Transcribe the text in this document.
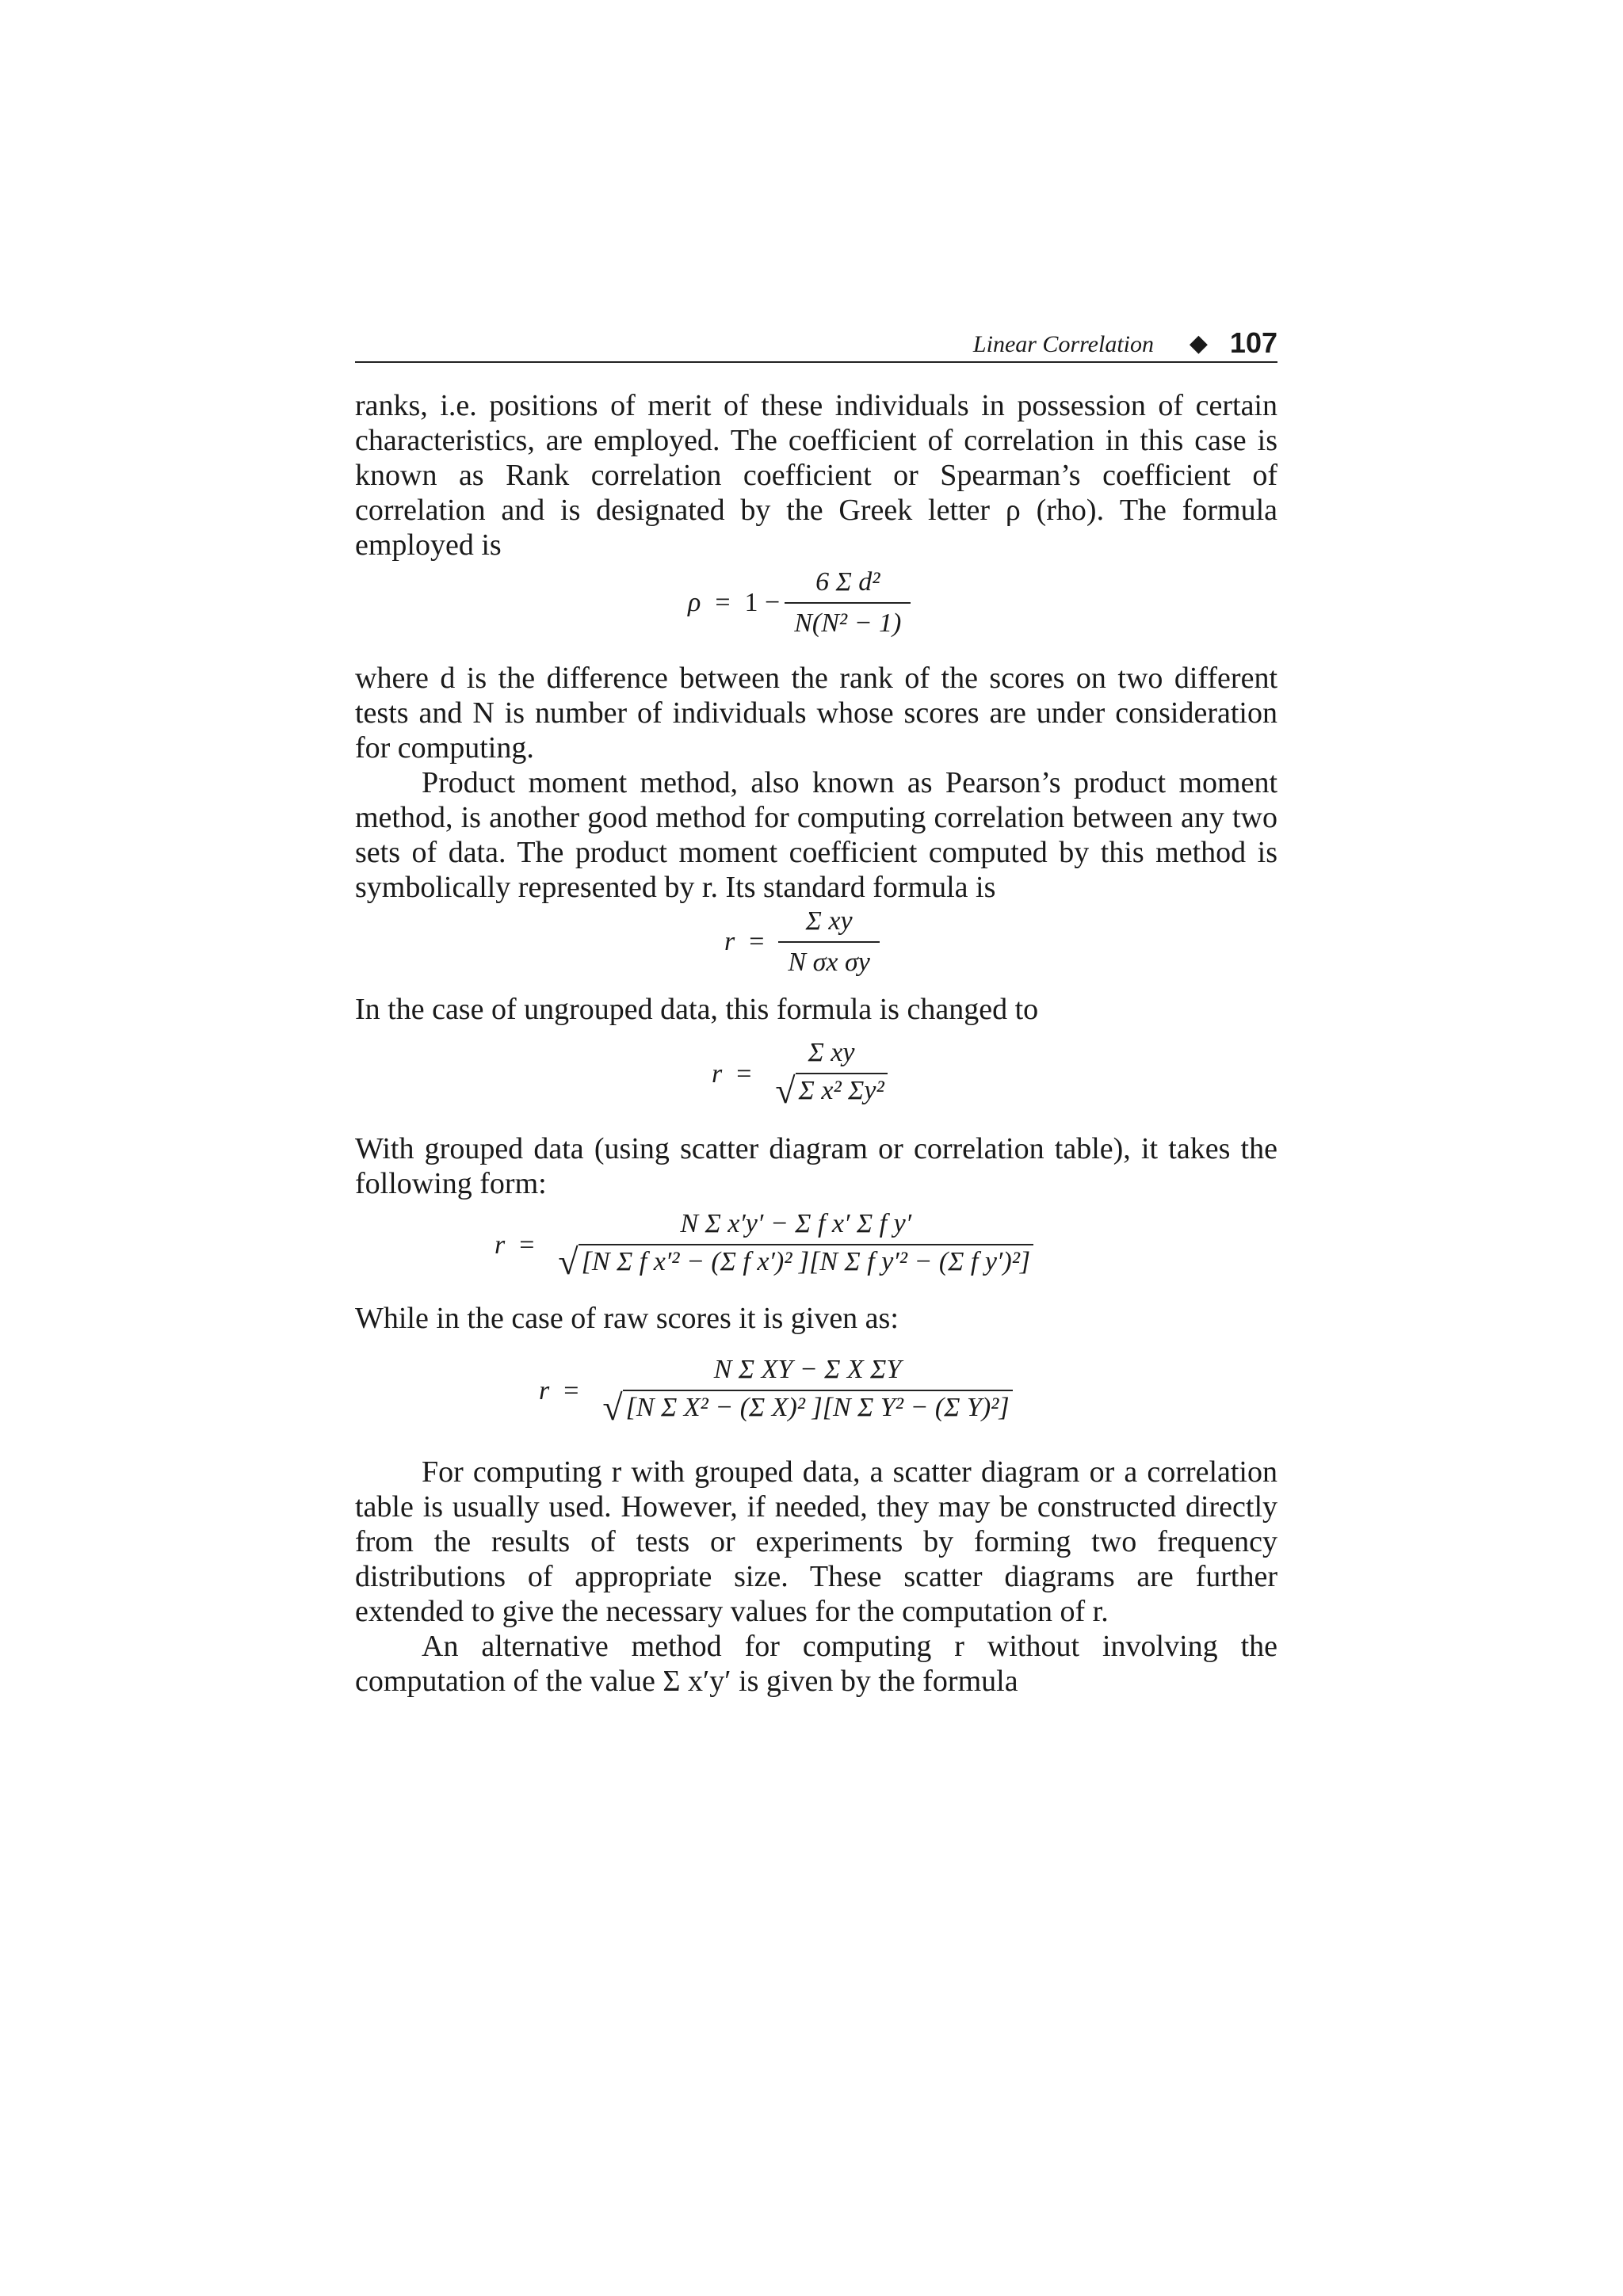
Linear Correlation ◆ 107

ranks, i.e. positions of merit of these individuals in possession of certain characteristics, are employed. The coefficient of correlation in this case is known as Rank correlation coefficient or Spearman’s coefficient of correlation and is designated by the Greek letter ρ (rho). The formula employed is

$\rho = 1 - \frac{\text{6 Σ d²}}{\text{N(N² − 1)}}$

where d is the difference between the rank of the scores on two different tests and N is number of individuals whose scores are under consideration for computing.

Product moment method, also known as Pearson’s product moment method, is another good method for computing correlation between any two sets of data. The product moment coefficient computed by this method is symbolically represented by r. Its standard formula is

$r = \frac{\text{Σ xy}}{\text{N σx σy}}$

In the case of ungrouped data, this formula is changed to

r =
Σ xy
√ Σ x² Σy²

With grouped data (using scatter diagram or correlation table), it takes the following form:

r =
N Σ x′y′ − Σ f x′ Σ f y′
√ [N Σ f x′² − (Σ f x′)² ][N Σ f y′² − (Σ f y′)²]

While in the case of raw scores it is given as:

r =
N Σ XY − Σ X ΣY
√ [N Σ X² − (Σ X)² ][N Σ Y² − (Σ Y)²]

For computing r with grouped data, a scatter diagram or a correlation table is usually used. However, if needed, they may be constructed directly from the results of tests or experiments by forming two frequency distributions of appropriate size. These scatter diagrams are further extended to give the necessary values for the computation of r.

An alternative method for computing r without involving the computation of the value Σ x′y′ is given by the formula
